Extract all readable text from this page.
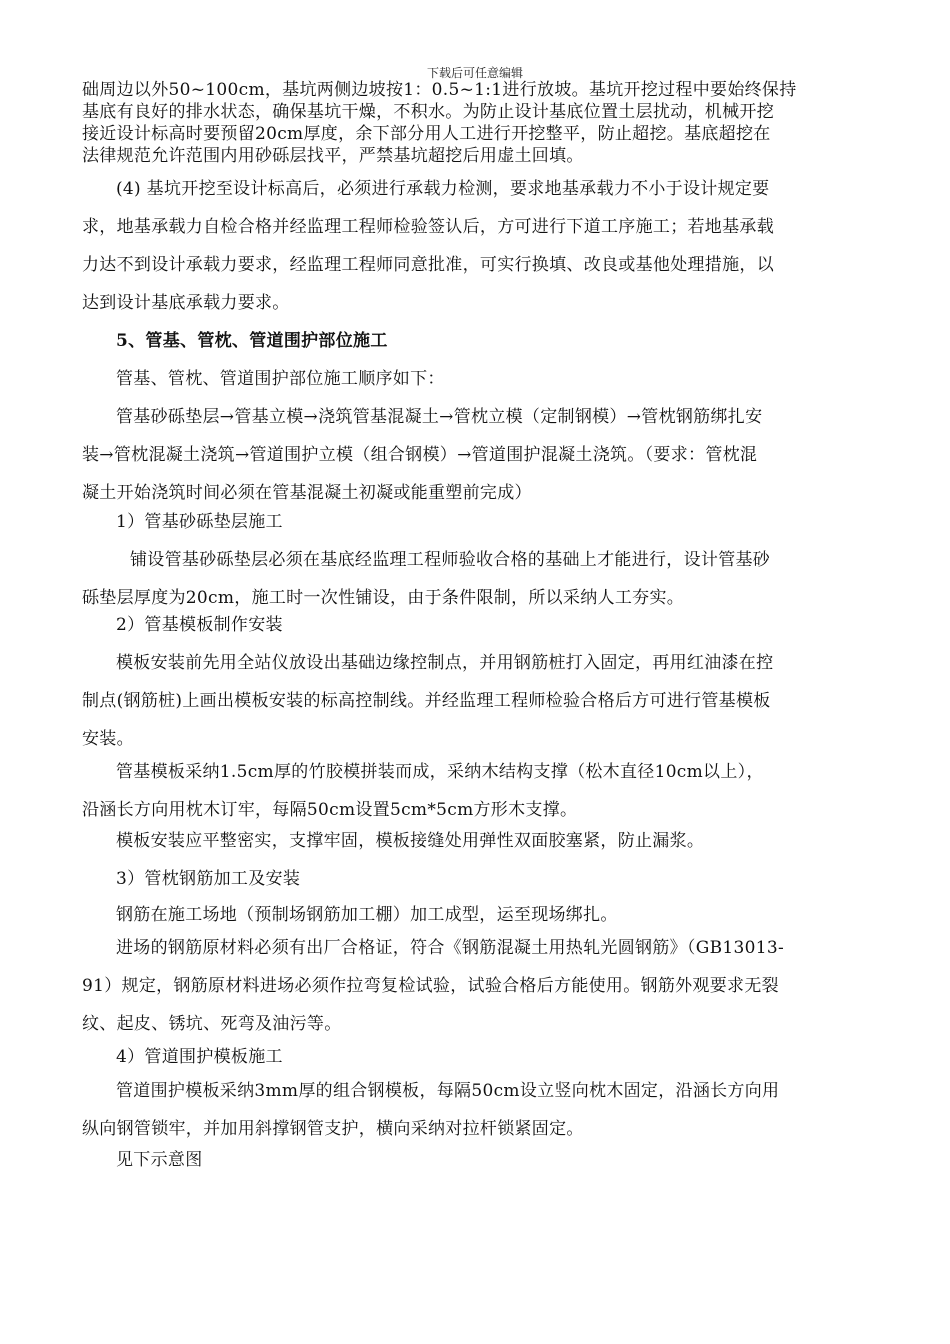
下载后可任意编辑
础周边以外50~100cm，基坑两侧边坡按1：0.5~1:1进行放坡。基坑开挖过程中要始终保持
基底有良好的排水状态，确保基坑干燥，不积水。为防止设计基底位置土层扰动，机械开挖
接近设计标高时要预留20cm厚度，余下部分用人工进行开挖整平，防止超挖。基底超挖在
法律规范允许范围内用砂砾层找平，严禁基坑超挖后用虚土回填。
(4) 基坑开挖至设计标高后，必须进行承载力检测，要求地基承载力不小于设计规定要
求，地基承载力自检合格并经监理工程师检验签认后，方可进行下道工序施工；若地基承载
力达不到设计承载力要求，经监理工程师同意批准，可实行换填、改良或基他处理措施，以
达到设计基底承载力要求。
5、管基、管枕、管道围护部位施工
管基、管枕、管道围护部位施工顺序如下：
管基砂砾垫层→管基立模→浇筑管基混凝土→管枕立模（定制钢模）→管枕钢筋绑扎安
装→管枕混凝土浇筑→管道围护立模（组合钢模）→管道围护混凝土浇筑。（要求：管枕混
凝土开始浇筑时间必须在管基混凝土初凝或能重塑前完成）
1）管基砂砾垫层施工
铺设管基砂砾垫层必须在基底经监理工程师验收合格的基础上才能进行，设计管基砂
砾垫层厚度为20cm，施工时一次性铺设，由于条件限制，所以采纳人工夯实。
2）管基模板制作安装
模板安装前先用全站仪放设出基础边缘控制点，并用钢筋桩打入固定，再用红油漆在控
制点(钢筋桩)上画出模板安装的标高控制线。并经监理工程师检验合格后方可进行管基模板
安装。
管基模板采纳1.5cm厚的竹胶模拼装而成，采纳木结构支撑（松木直径10cm以上），
沿涵长方向用枕木订牢，每隔50cm设置5cm*5cm方形木支撑。
模板安装应平整密实，支撑牢固，模板接缝处用弹性双面胶塞紧，防止漏浆。
3）管枕钢筋加工及安装
钢筋在施工场地（预制场钢筋加工棚）加工成型，运至现场绑扎。
进场的钢筋原材料必须有出厂合格证，符合《钢筋混凝土用热轧光圆钢筋》（GB13013-
91）规定，钢筋原材料进场必须作拉弯复检试验，试验合格后方能使用。钢筋外观要求无裂
纹、起皮、锈坑、死弯及油污等。
4）管道围护模板施工
管道围护模板采纳3mm厚的组合钢模板，每隔50cm设立竖向枕木固定，沿涵长方向用
纵向钢管锁牢，并加用斜撑钢管支护，横向采纳对拉杆锁紧固定。
见下示意图
